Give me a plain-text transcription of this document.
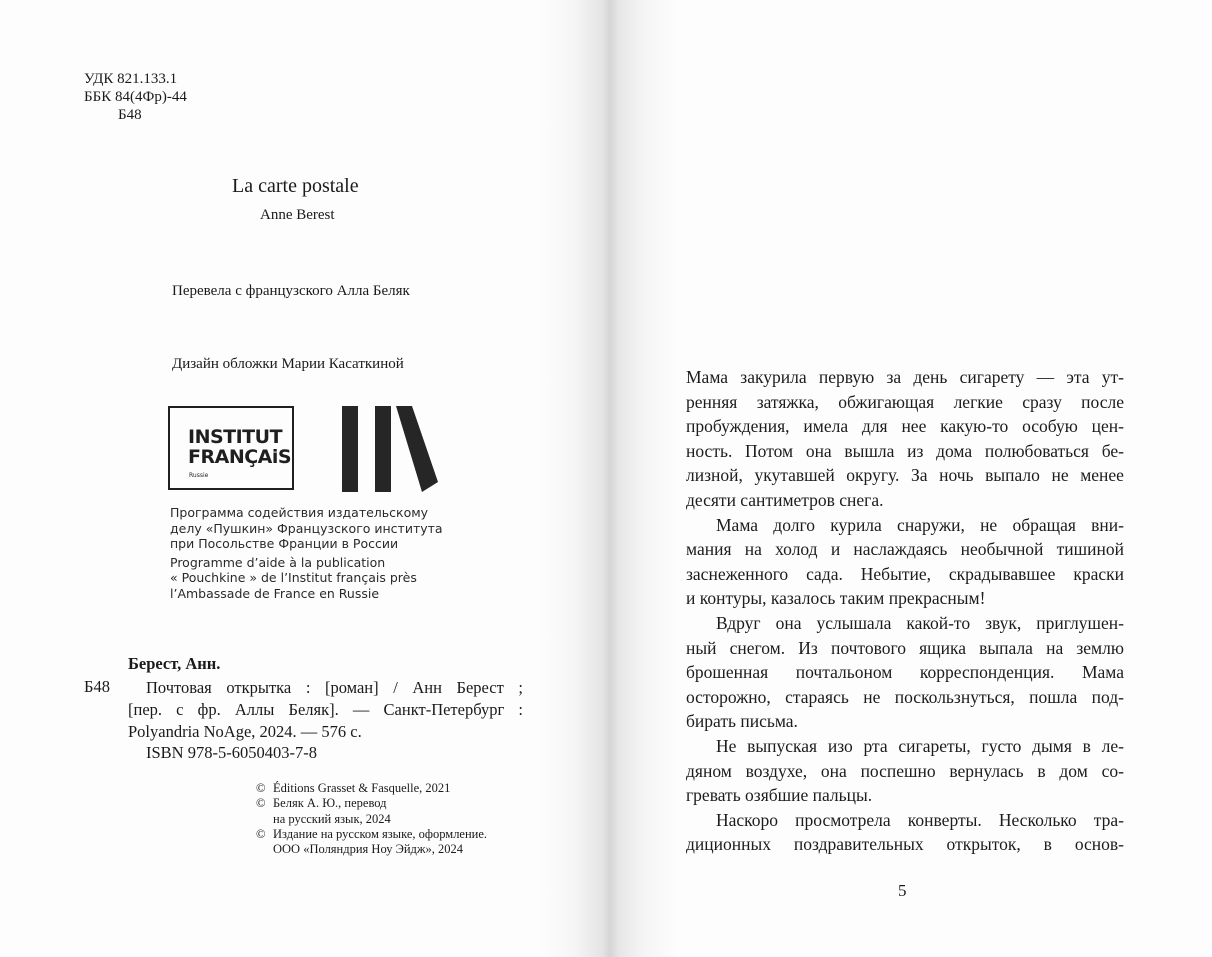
УДК 821.133.1
ББК 84(4Фр)-44
Б48
La carte postale
Anne Berest
Перевела с французского Алла Беляк
Дизайн обложки Марии Касаткиной
INSTITUT
FRANÇAiS
Russie
Программа содействия издательскому
делу «Пушкин» Французского института
при Посольстве Франции в России
Programme d’aide à la publication
« Pouchkine » de l’Institut français près
l’Ambassade de France en Russie
Берест, Анн.
Б48 Почтовая открытка : [роман] / Анн Берест ;
[пер. с фр. Аллы Беляк]. — Санкт-Петербург :
Polyandria NoAge, 2024. — 576 с.
ISBN 978-5-6050403-7-8
© Éditions Grasset & Fasquelle, 2021
© Беляк А. Ю., перевод
на русский язык, 2024
© Издание на русском языке, оформление.
ООО «Поляндрия Ноу Эйдж», 2024
Мама закурила первую за день сигарету — эта ут-
ренняя затяжка, обжигающая легкие сразу после
пробуждения, имела для нее какую-то особую цен-
ность. Потом она вышла из дома полюбоваться бе-
лизной, укутавшей округу. За ночь выпало не менее
десяти сантиметров снега.
Мама долго курила снаружи, не обращая вни-
мания на холод и наслаждаясь необычной тишиной
заснеженного сада. Небытие, скрадывавшее краски
и контуры, казалось таким прекрасным!
Вдруг она услышала какой-то звук, приглушен-
ный снегом. Из почтового ящика выпала на землю
брошенная почтальоном корреспонденция. Мама
осторожно, стараясь не поскользнуться, пошла под-
бирать письма.
Не выпуская изо рта сигареты, густо дымя в ле-
дяном воздухе, она поспешно вернулась в дом со-
гревать озябшие пальцы.
Наскоро просмотрела конверты. Несколько тра-
диционных поздравительных открыток, в основ-
5
